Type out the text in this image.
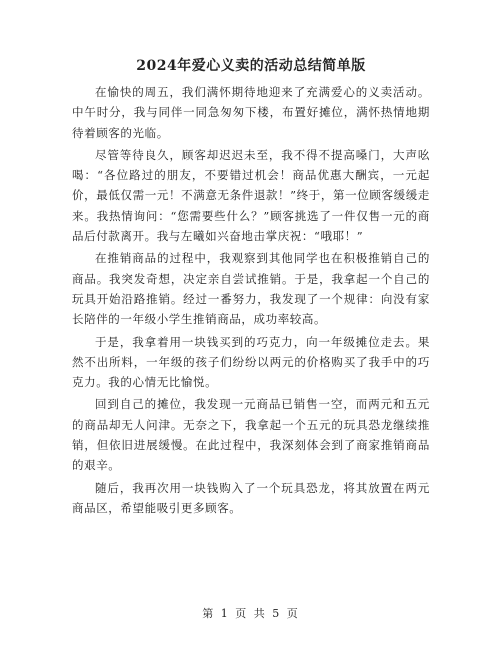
2024年爱心义卖的活动总结简单版

在愉快的周五，我们满怀期待地迎来了充满爱心的义卖活动。中午时分，我与同伴一同急匆匆下楼，布置好摊位，满怀热情地期待着顾客的光临。

尽管等待良久，顾客却迟迟未至，我不得不提高嗓门，大声吆喝：“各位路过的朋友，不要错过机会！商品优惠大酬宾，一元起价，最低仅需一元！不满意无条件退款！”终于，第一位顾客缓缓走来。我热情询问：“您需要些什么？”顾客挑选了一件仅售一元的商品后付款离开。我与左曦如兴奋地击掌庆祝：“哦耶！”

在推销商品的过程中，我观察到其他同学也在积极推销自己的商品。我突发奇想，决定亲自尝试推销。于是，我拿起一个自己的玩具开始沿路推销。经过一番努力，我发现了一个规律：向没有家长陪伴的一年级小学生推销商品，成功率较高。

于是，我拿着用一块钱买到的巧克力，向一年级摊位走去。果然不出所料，一年级的孩子们纷纷以两元的价格购买了我手中的巧克力。我的心情无比愉悦。

回到自己的摊位，我发现一元商品已销售一空，而两元和五元的商品却无人问津。无奈之下，我拿起一个五元的玩具恐龙继续推销，但依旧进展缓慢。在此过程中，我深刻体会到了商家推销商品的艰辛。

随后，我再次用一块钱购入了一个玩具恐龙，将其放置在两元商品区，希望能吸引更多顾客。

第 1 页 共 5 页
